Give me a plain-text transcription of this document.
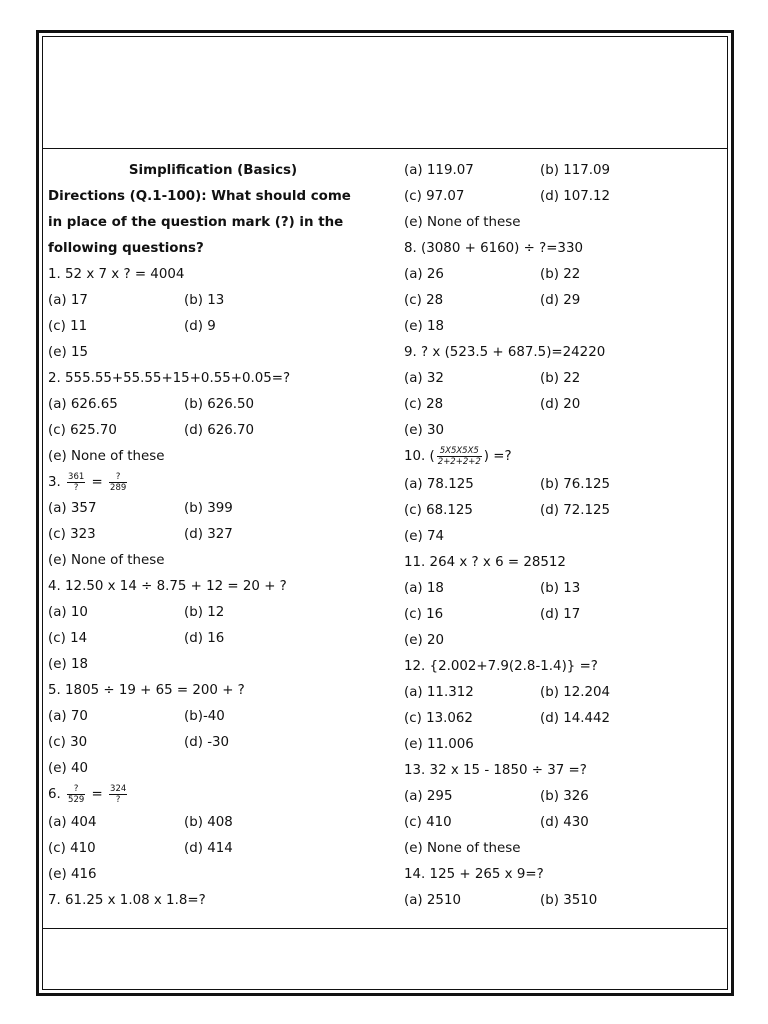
Simplification (Basics)
Directions (Q.1-100): What should come
in place of the question mark (?) in the
following questions?
1. 52 x 7 x ? = 4004
(a) 17	(b) 13
(c) 11	(d) 9
(e) 15
2. 555.55+55.55+15+0.55+0.05=?
(a) 626.65	(b) 626.50
(c) 625.70	(d) 626.70
(e) None of these
3. $\frac{361}{?} = \frac{?}{289}$
(a) 357	(b) 399
(c) 323	(d) 327
(e) None of these
4. 12.50 x 14 ÷ 8.75 + 12 = 20 + ?
(a) 10	(b) 12
(c) 14	(d) 16
(e) 18
5. 1805 ÷ 19 + 65 = 200 + ?
(a) 70	(b)-40
(c) 30	(d) -30
(e) 40
6. $\frac{?}{529} = \frac{324}{?}$
(a) 404	(b) 408
(c) 410	(d) 414
(e) 416
7. 61.25 x 1.08 x 1.8=?
(a) 119.07	(b) 117.09
(c) 97.07	(d) 107.12
(e) None of these
8. (3080 + 6160) ÷ ?=330
(a) 26	(b) 22
(c) 28	(d) 29
(e) 18
9. ? x (523.5 + 687.5)=24220
(a) 32	(b) 22
(c) 28	(d) 20
(e) 30
10. ( $\frac{5X5X5X5}{2+2+2+2}$ ) =?
(a) 78.125	(b) 76.125
(c) 68.125	(d) 72.125
(e) 74
11. 264 x ? x 6 = 28512
(a) 18	(b) 13
(c) 16	(d) 17
(e) 20
12. {2.002+7.9(2.8-1.4)} =?
(a) 11.312	(b) 12.204
(c) 13.062	(d) 14.442
(e) 11.006
13. 32 x 15 - 1850 ÷ 37 =?
(a) 295	(b) 326
(c) 410	(d) 430
(e) None of these
14. 125 + 265 x 9=?
(a) 2510	(b) 3510
